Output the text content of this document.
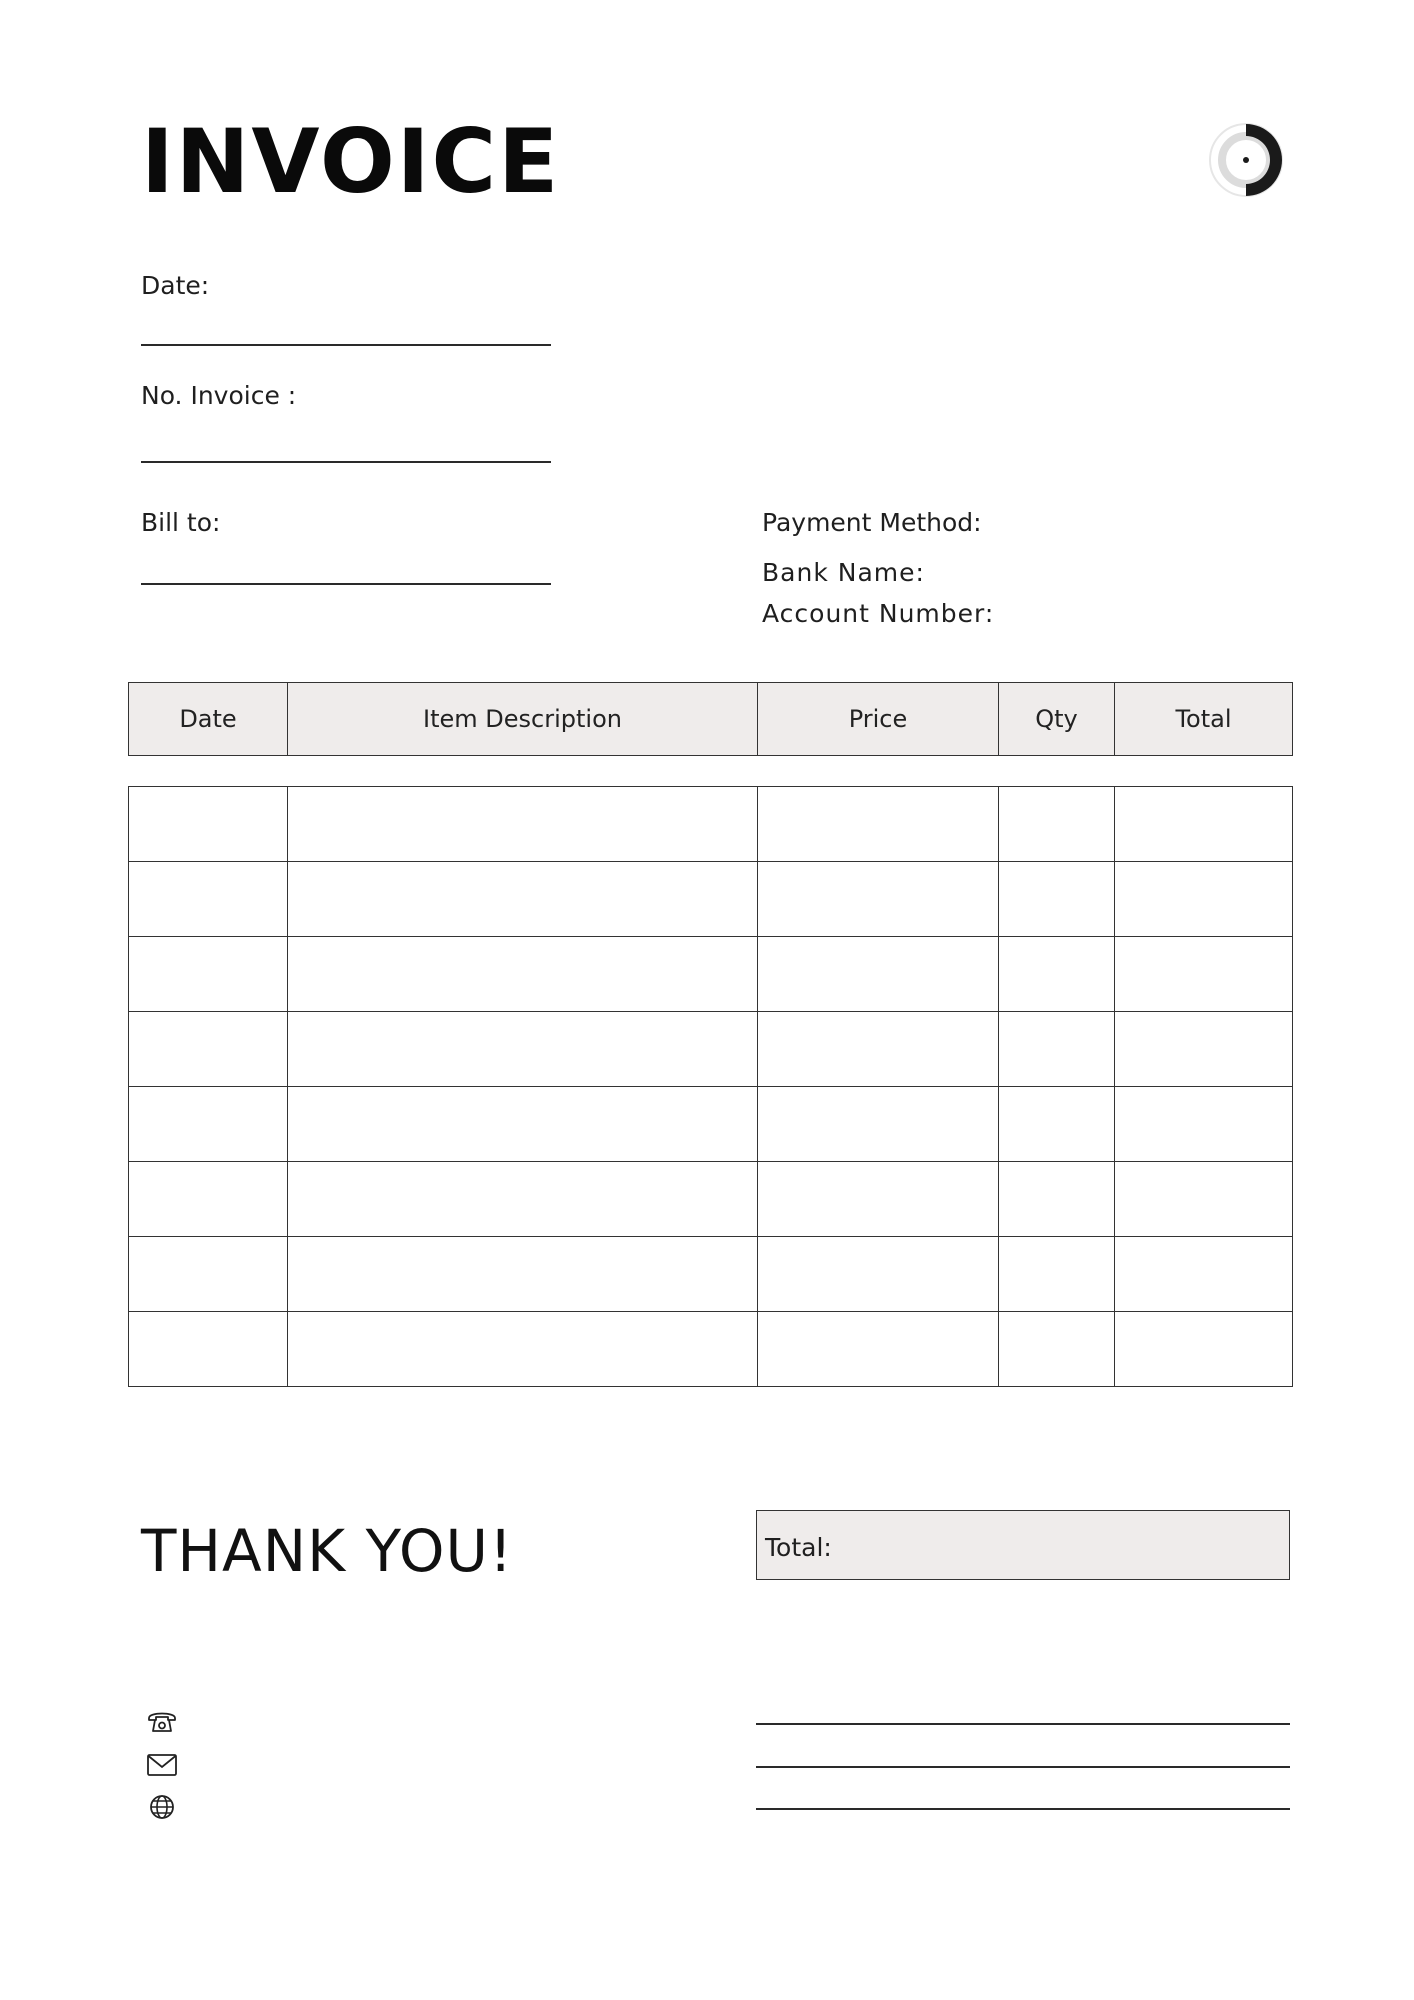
INVOICE
Date:
No. Invoice :
Bill to:	Payment Method:
Bank Name:
Account Number:
Date	Item Description	Price	Qty	Total

THANK YOU!	Total:
